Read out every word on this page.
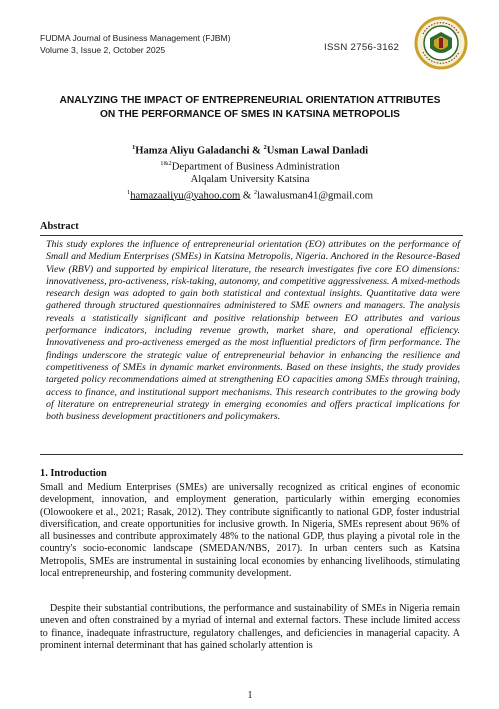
FUDMA Journal of Business Management (FJBM)
Volume 3, Issue 2, October 2025	ISSN 2756-3162
ANALYZING THE IMPACT OF ENTREPRENEURIAL ORIENTATION ATTRIBUTES
ON THE PERFORMANCE OF SMES IN KATSINA METROPOLIS
$^1$Hamza Aliyu Galadanchi & $^2$Usman Lawal Danladi
$^{1\&2}$Department of Business Administration
Alqalam University Katsina
$^1$hamazaaliyu@yahoo.com & $^2$lawalusman41@gmail.com
Abstract

This study explores the influence of entrepreneurial orientation (EO) attributes on the performance of Small and Medium Enterprises (SMEs) in Katsina Metropolis, Nigeria. Anchored in the Resource-Based View (RBV) and supported by empirical literature, the research investigates five core EO dimensions: innovativeness, pro-activeness, risk-taking, autonomy, and competitive aggressiveness. A mixed-methods research design was adopted to gain both statistical and contextual insights. Quantitative data were gathered through structured questionnaires administered to SME owners and managers. The analysis reveals a statistically significant and positive relationship between EO attributes and various performance indicators, including revenue growth, market share, and operational efficiency. Innovativeness and pro-activeness emerged as the most influential predictors of firm performance. The findings underscore the strategic value of entrepreneurial behavior in enhancing the resilience and competitiveness of SMEs in dynamic market environments. Based on these insights, the study provides targeted policy recommendations aimed at strengthening EO capacities among SMEs through training, access to finance, and institutional support mechanisms. This research contributes to the growing body of literature on entrepreneurial strategy in emerging economies and offers practical implications for both business development practitioners and policymakers.

1. Introduction

Small and Medium Enterprises (SMEs) are universally recognized as critical engines of economic development, innovation, and employment generation, particularly within emerging economies (Olowookere et al., 2021; Rasak, 2012). They contribute significantly to national GDP, foster industrial diversification, and create opportunities for inclusive growth. In Nigeria, SMEs represent about 96% of all businesses and contribute approximately 48% to the national GDP, thus playing a pivotal role in the country's socio-economic landscape (SMEDAN/NBS, 2017). In urban centers such as Katsina Metropolis, SMEs are instrumental in sustaining local economies by enhancing livelihoods, stimulating local entrepreneurship, and fostering community development.

Despite their substantial contributions, the performance and sustainability of SMEs in Nigeria remain uneven and often constrained by a myriad of internal and external factors. These include limited access to finance, inadequate infrastructure, regulatory challenges, and deficiencies in managerial capacity. A prominent internal determinant that has gained scholarly attention is

1
